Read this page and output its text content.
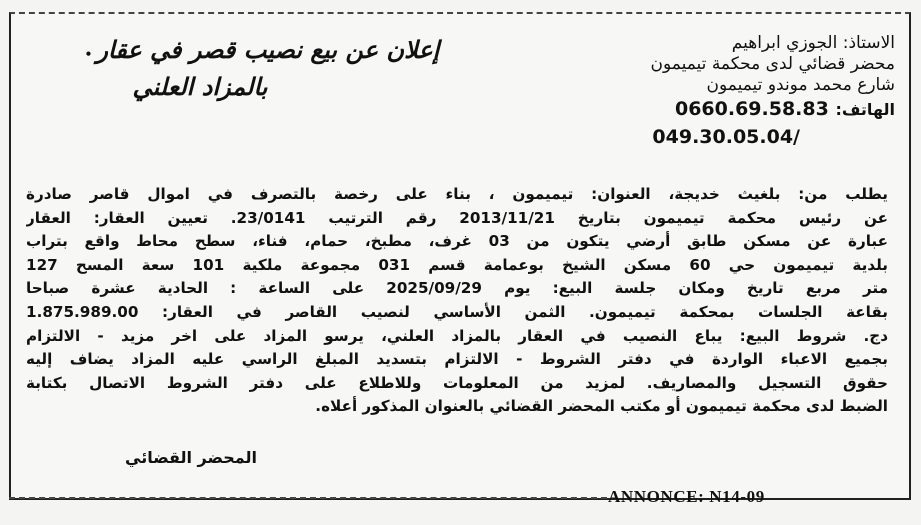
إعلان عن بيع نصيب قصر في عقار•
بالمزاد العلني
الاستاذ: الجوزي ابراهيم
محضر قضائي لدى محكمة تيميمون
شارع محمد موندو تيميمون
الهاتف: 0660.69.58.83
049.30.05.04/
يطلب من: بلغيث خديجة، العنوان: تيميمون ، بناء على رخصة بالتصرف في اموال قاصر صادرة
عن رئيس محكمة تيميمون بتاريخ 2013/11/21 رقم الترتيب 23/0141. تعيين العقار: العقار
عبارة عن مسكن طابق أرضي يتكون من 03 غرف، مطبخ، حمام، فناء، سطح محاط واقع بتراب
بلدية تيميمون حي 60 مسكن الشيخ بوعمامة قسم 031 مجموعة ملكية 101 سعة المسح 127
متر مربع تاريخ ومكان جلسة البيع: يوم 2025/09/29 على الساعة : الحادية عشرة صباحا
بقاعة الجلسات بمحكمة تيميمون. الثمن الأساسي لنصيب القاصر في العقار: 1.875.989.00
دج. شروط البيع: يباع النصيب في العقار بالمزاد العلني، يرسو المزاد على اخر مزيد - الالتزام
بجميع الاعباء الواردة في دفتر الشروط - الالتزام بتسديد المبلغ الراسي عليه المزاد يضاف إليه
حقوق التسجيل والمصاريف. لمزيد من المعلومات وللاطلاع على دفتر الشروط الاتصال بكتابة
الضبط لدى محكمة تيميمون أو مكتب المحضر القضائي بالعنوان المذكور أعلاه.
المحضر القضائي
ANNONCE: N14-09
